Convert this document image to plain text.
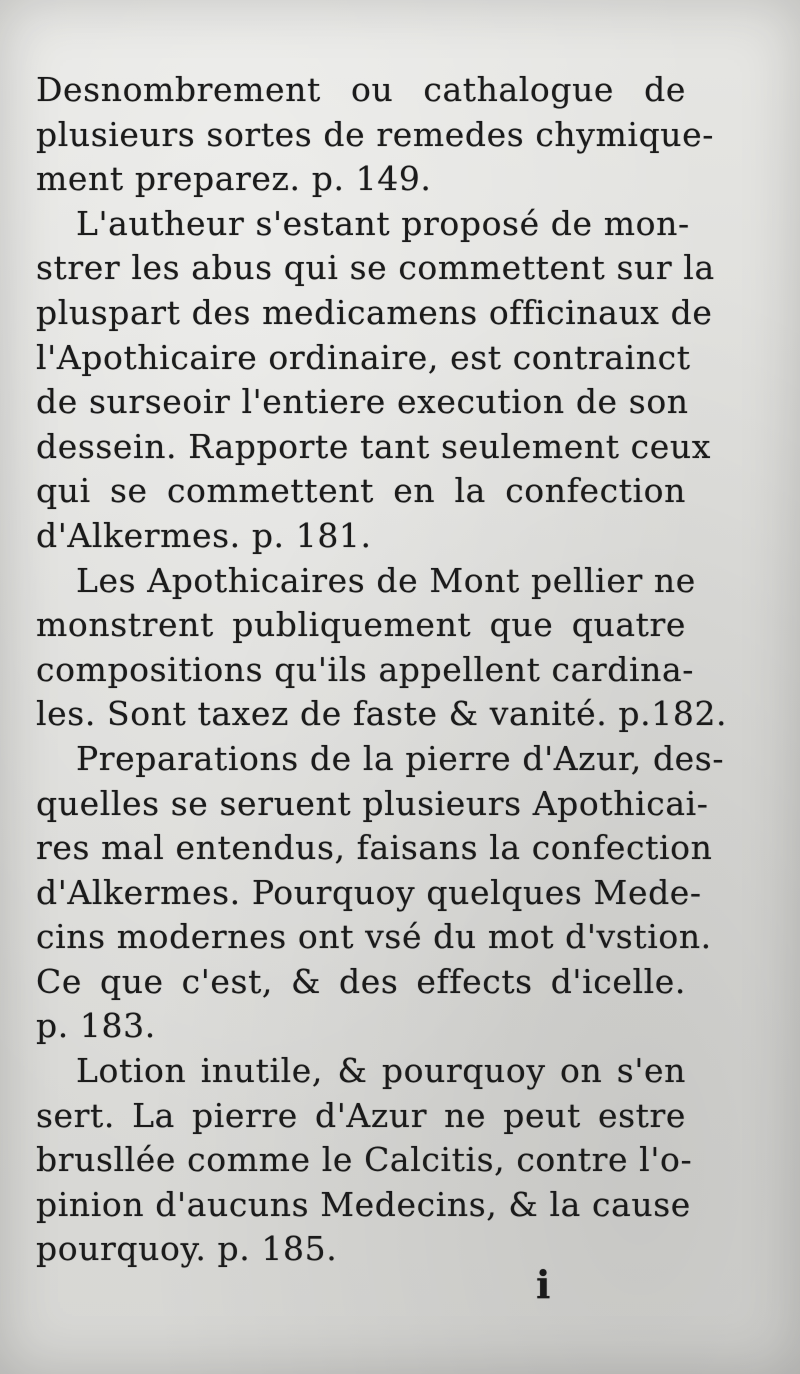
Desnombrement ou cathalogue de
plusieurs sortes de remedes chymique-
ment preparez. p. 149.
L'autheur s'estant proposé de mon-
strer les abus qui se commettent sur la
pluspart des medicamens officinaux de
l'Apothicaire ordinaire, est contrainct
de surseoir l'entiere execution de son
dessein. Rapporte tant seulement ceux
qui se commettent en la confection
d'Alkermes. p. 181.
Les Apothicaires de Mont pellier ne
monstrent publiquement que quatre
compositions qu'ils appellent cardina-
les. Sont taxez de faste & vanité. p.182.
Preparations de la pierre d'Azur, des-
quelles se seruent plusieurs Apothicai-
res mal entendus, faisans la confection
d'Alkermes. Pourquoy quelques Mede-
cins modernes ont vsé du mot d'vstion.
Ce que c'est, & des effects d'icelle.
p. 183.
Lotion inutile, & pourquoy on s'en
sert. La pierre d'Azur ne peut estre
brusllée comme le Calcitis, contre l'o-
pinion d'aucuns Medecins, & la cause
pourquoy. p. 185.
i
